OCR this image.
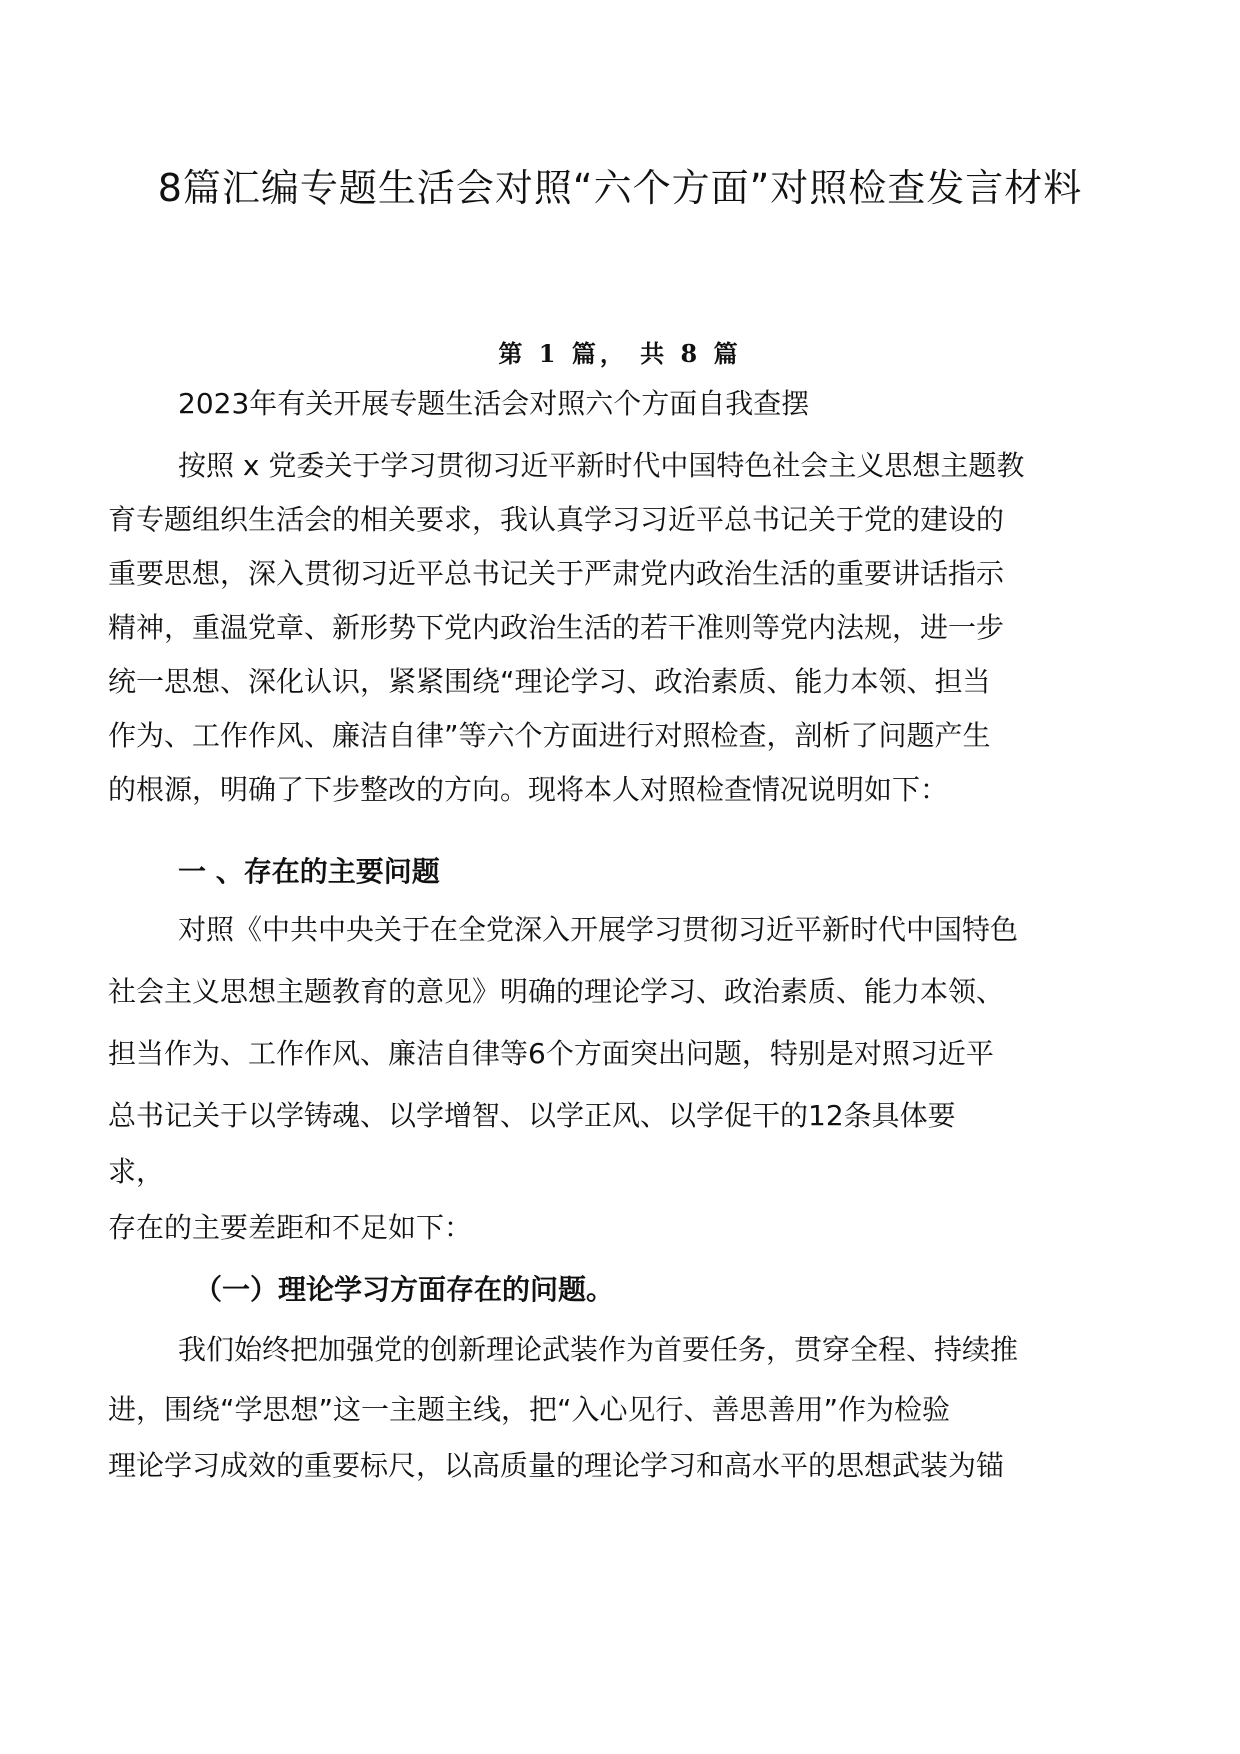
8篇汇编专题生活会对照“六个方面”对照检查发言材料
第 1 篇， 共 8 篇

2023年有关开展专题生活会对照六个方面自我查摆

按照 x 党委关于学习贯彻习近平新时代中国特色社会主义思想主题教

育专题组织生活会的相关要求，我认真学习习近平总书记关于党的建设的

重要思想，深入贯彻习近平总书记关于严肃党内政治生活的重要讲话指示

精神，重温党章、新形势下党内政治生活的若干准则等党内法规，进一步

统一思想、深化认识，紧紧围绕“理论学习、政治素质、能力本领、担当

作为、工作作风、廉洁自律”等六个方面进行对照检查，剖析了问题产生

的根源，明确了下步整改的方向。现将本人对照检查情况说明如下：

一 、存在的主要问题

对照《中共中央关于在全党深入开展学习贯彻习近平新时代中国特色

社会主义思想主题教育的意见》明确的理论学习、政治素质、能力本领、

担当作为、工作作风、廉洁自律等6个方面突出问题，特别是对照习近平

总书记关于以学铸魂、以学增智、以学正风、以学促干的12条具体要

求，

存在的主要差距和不足如下：

（一）理论学习方面存在的问题。

我们始终把加强党的创新理论武装作为首要任务，贯穿全程、持续推

进，围绕“学思想”这一主题主线，把“入心见行、善思善用”作为检验

理论学习成效的重要标尺，以高质量的理论学习和高水平的思想武装为锚
